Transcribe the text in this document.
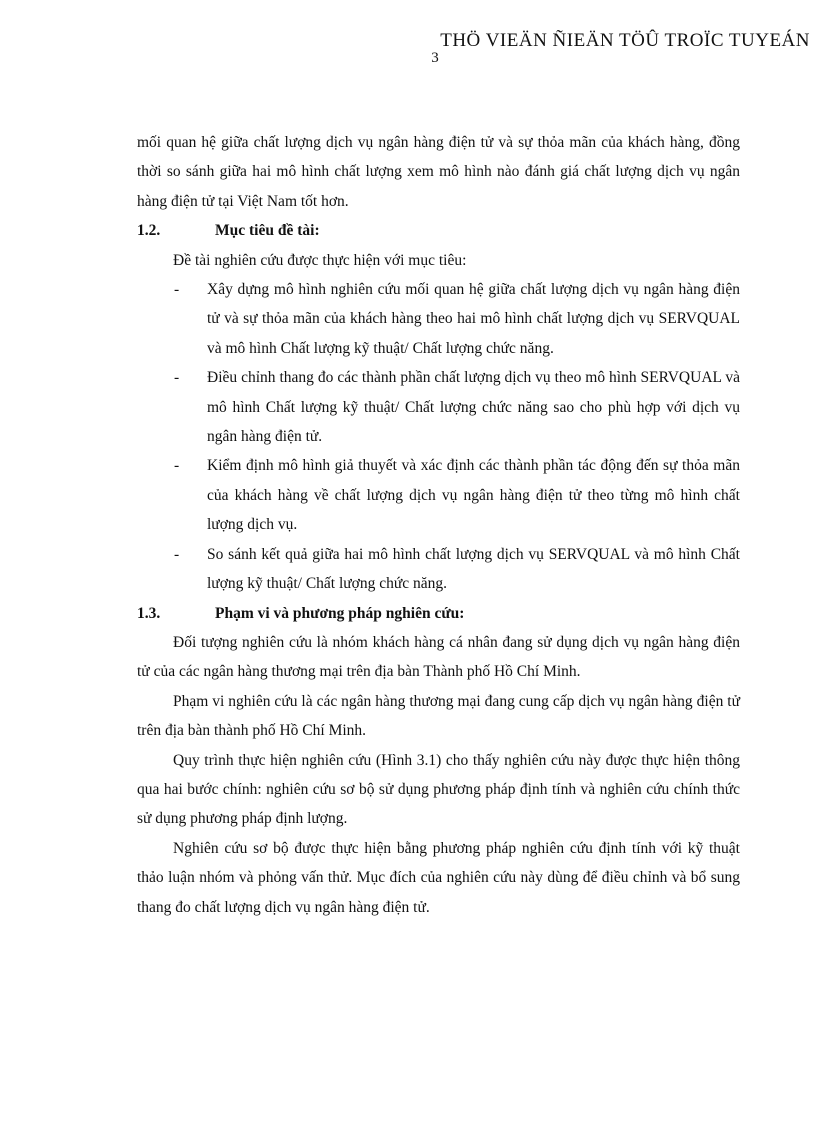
THÖ VIEÄN ÑIEÄN TÖÛ TROÏC TUYEÁN
3

mối quan hệ giữa chất lượng dịch vụ ngân hàng điện tử và sự thỏa mãn của khách hàng, đồng thời so sánh giữa hai mô hình chất lượng xem mô hình nào đánh giá chất lượng dịch vụ ngân hàng điện tử tại Việt Nam tốt hơn.

1.2.	Mục tiêu đề tài:

Đề tài nghiên cứu được thực hiện với mục tiêu:

-	Xây dựng mô hình nghiên cứu mối quan hệ giữa chất lượng dịch vụ ngân hàng điện tử và sự thỏa mãn của khách hàng theo hai mô hình chất lượng dịch vụ SERVQUAL và mô hình Chất lượng kỹ thuật/ Chất lượng chức năng.
-	Điều chỉnh thang đo các thành phần chất lượng dịch vụ theo mô hình SERVQUAL và mô hình Chất lượng kỹ thuật/ Chất lượng chức năng sao cho phù hợp với dịch vụ ngân hàng điện tử.
-	Kiểm định mô hình giả thuyết và xác định các thành phần tác động đến sự thỏa mãn của khách hàng về chất lượng dịch vụ ngân hàng điện tử theo từng mô hình chất lượng dịch vụ.
-	So sánh kết quả giữa hai mô hình chất lượng dịch vụ SERVQUAL và mô hình Chất lượng kỹ thuật/ Chất lượng chức năng.
1.3.	Phạm vi và phương pháp nghiên cứu:

Đối tượng nghiên cứu là nhóm khách hàng cá nhân đang sử dụng dịch vụ ngân hàng điện tử của các ngân hàng thương mại trên địa bàn Thành phố Hồ Chí Minh.

Phạm vi nghiên cứu là các ngân hàng thương mại đang cung cấp dịch vụ ngân hàng điện tử trên địa bàn thành phố Hồ Chí Minh.

Quy trình thực hiện nghiên cứu (Hình 3.1) cho thấy nghiên cứu này được thực hiện thông qua hai bước chính: nghiên cứu sơ bộ sử dụng phương pháp định tính và nghiên cứu chính thức sử dụng phương pháp định lượng.

Nghiên cứu sơ bộ được thực hiện bằng phương pháp nghiên cứu định tính với kỹ thuật thảo luận nhóm và phỏng vấn thử. Mục đích của nghiên cứu này dùng để điều chỉnh và bổ sung thang đo chất lượng dịch vụ ngân hàng điện tử.
